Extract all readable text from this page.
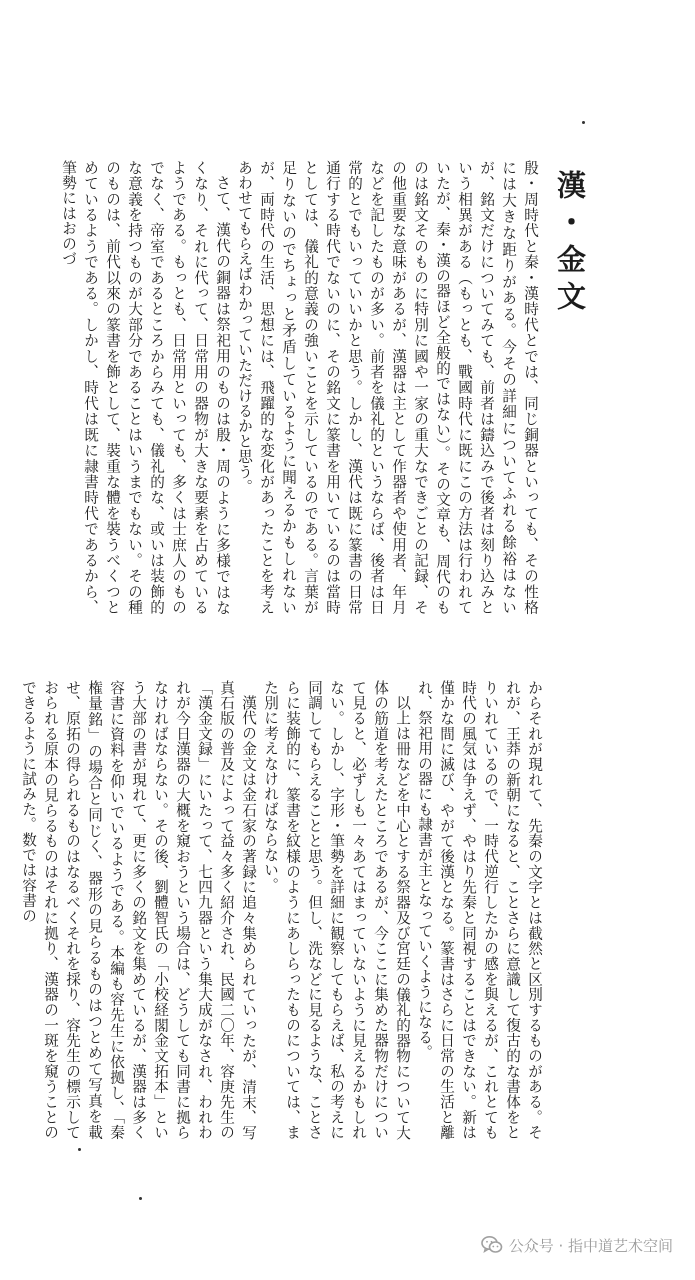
漢・金文

殷・周時代と秦・漢時代とでは、同じ銅器といっても、その性格には大きな距りがある。今その詳細についてふれる餘裕はないが、銘文だけについてみても、前者は鑄込みで後者は刻り込みという相異がある（もっとも、戰國時代に既にこの方法は行われていたが、秦・漢の器ほど全般的ではない）。その文章も、周代のものは銘文そのものに特別に國や一家の重大なできごとの記録、その他重要な意味があるが、漢器は主として作器者や使用者、年月などを記したものが多い。前者を儀礼的というならば、後者は日常的とでもいっていいかと思う。しかし、漢代は既に篆書の日常通行する時代でないのに、その銘文に篆書を用いているのは當時としては、儀礼的意義の強いことを示しているのである。言葉が足りないのでちょっと矛盾しているように聞えるかもしれないが、両時代の生活、思想には、飛躍的な変化があったことを考えあわせてもらえばわかっていただけるかと思う。

さて、漢代の銅器は祭祀用のものは殷・周のように多様ではなくなり、それに代って、日常用の器物が大きな要素を占めているようである。もっとも、日常用といっても、多くは士庶人のものでなく、帝室であるところからみても、儀礼的な、或いは装飾的な意義を持つものが大部分であることはいうまでもない。その種のものは、前代以來の篆書を飾として、裝重な體を裝うべくつとめているようである。しかし、時代は既に隷書時代であるから、筆勢にはおのづ

からそれが現れて、先秦の文字とは截然と区別するものがある。それが、王莽の新朝になると、ことさらに意識して復古的な書体をとりいれているので、一時代逆行したかの感を與えるが、これとても時代の風気は争えず、やはり先秦と同視することはできない。新は僅かな間に滅び、やがて後漢となる。篆書はさらに日常の生活と離れ、祭祀用の器にも隷書が主となっていくようになる。

以上は冊などを中心とする祭器及び宮廷の儀礼的器物について大体の筋道を考えたところであるが、今ここに集めた器物だけについて見ると、必ずしも一々あてはまっていないように見えるかもしれない。しかし、字形・筆勢を詳細に観察してもらえば、私の考えに同調してもらえることと思う。但し、洗などに見るような、ことさらに装飾的に、篆書を紋様のようにあしらったものについては、また別に考えなければならない。

漢代の金文は金石家の著録に追々集められていったが、清末、写真石版の普及によって益々多く紹介され、民國二〇年、容庚先生の「漢金文録」にいたって、七四九器という集大成がなされ、われわれが今日漢器の大概を窺おうという場合は、どうしても同書に拠らなければならない。その後、劉體智氏の「小校経閣金文拓本」という大部の書が現れて、更に多くの銘文を集めているが、漢器は多く容書に資料を仰いでいるようである。本編も容先生に依拠し、「秦権量銘」の場合と同じく、器形の見らるものはつとめて写真を載せ、原拓の得られるものはなるべくそれを採り、容先生の標示しておられる原本の見らるものはそれに拠り、漢器の一斑を窺うことのできるように試みた。数では容書の

公众号 · 指中道艺术空间
